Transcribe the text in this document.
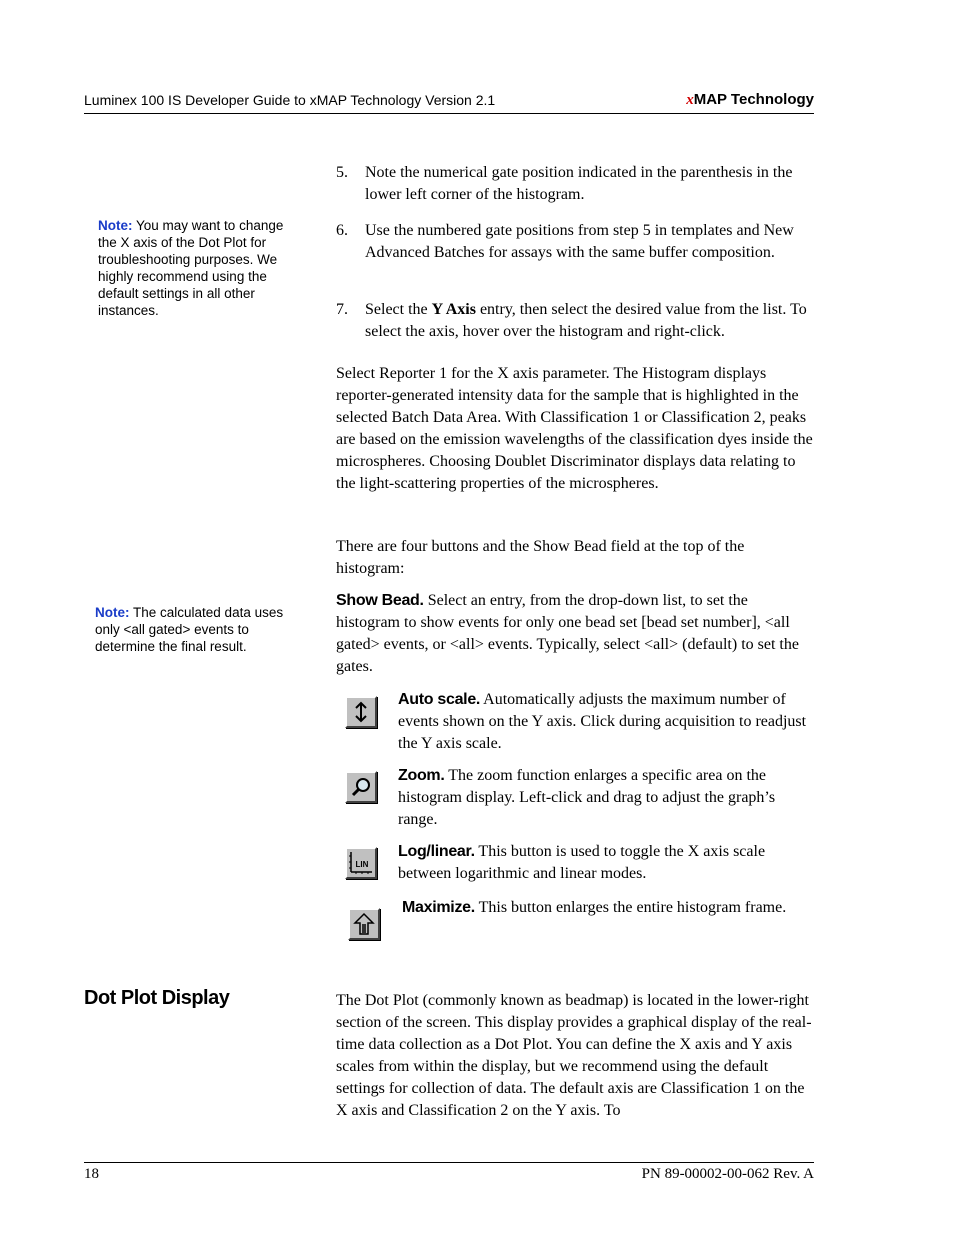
Luminex 100 IS Developer Guide to xMAP Technology Version 2.1	xMAP Technology
Note: You may want to change the X axis of the Dot Plot for troubleshooting purposes. We highly recommend using the default settings in all other instances.
Note: The calculated data uses only <all gated> events to determine the final result.
5. Note the numerical gate position indicated in the parenthesis in the lower left corner of the histogram.
6. Use the numbered gate positions from step 5 in templates and New Advanced Batches for assays with the same buffer composition.
7. Select the Y Axis entry, then select the desired value from the list. To select the axis, hover over the histogram and right-click.
Select Reporter 1 for the X axis parameter. The Histogram displays reporter-generated intensity data for the sample that is highlighted in the selected Batch Data Area. With Classification 1 or Classification 2, peaks are based on the emission wavelengths of the classification dyes inside the microspheres. Choosing Doublet Discriminator displays data relating to the light-scattering properties of the microspheres.
There are four buttons and the Show Bead field at the top of the histogram:
Show Bead. Select an entry, from the drop-down list, to set the histogram to show events for only one bead set [bead set number], <all gated> events, or <all> events. Typically, select <all> (default) to set the gates.
Auto scale. Automatically adjusts the maximum number of events shown on the Y axis. Click during acquisition to readjust the Y axis scale.
Zoom. The zoom function enlarges a specific area on the histogram display. Left-click and drag to adjust the graph’s range.
LIN
Log/linear. This button is used to toggle the X axis scale between logarithmic and linear modes.
Maximize. This button enlarges the entire histogram frame.
Dot Plot Display	The Dot Plot (commonly known as beadmap) is located in the lower-right section of the screen. This display provides a graphical display of the real-time data collection as a Dot Plot. You can define the X axis and Y axis scales from within the display, but we recommend using the default settings for collection of data. The default axis are Classification 1 on the X axis and Classification 2 on the Y axis. To
18	PN 89-00002-00-062 Rev. A
